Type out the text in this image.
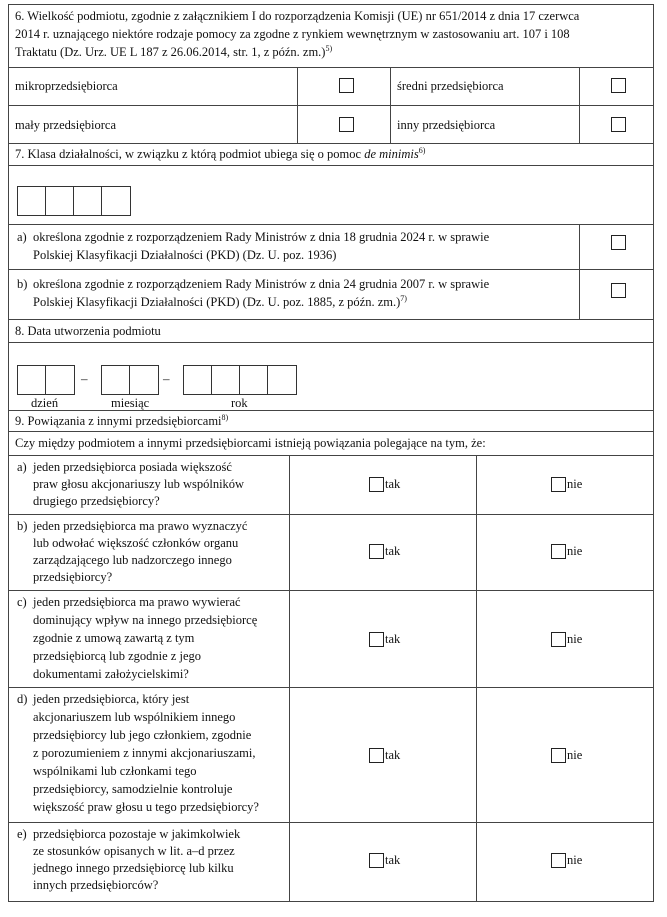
6. Wielkość podmiotu, zgodnie z załącznikiem I do rozporządzenia Komisji (UE) nr 651/2014 z dnia 17 czerwca
2014 r. uznającego niektóre rodzaje pomocy za zgodne z rynkiem wewnętrznym w zastosowaniu art. 107 i 108
Traktatu (Dz. Urz. UE L 187 z 26.06.2014, str. 1, z późn. zm.)$^{5)}$
mikroprzedsiębiorca	średni przedsiębiorca
mały przedsiębiorca	inny przedsiębiorca
7. Klasa działalności, w związku z którą podmiot ubiega się o pomoc de minimis$^{6)}$
a) określona zgodnie z rozporządzeniem Rady Ministrów z dnia 18 grudnia 2024 r. w sprawie
Polskiej Klasyfikacji Działalności (PKD) (Dz. U. poz. 1936)
b) określona zgodnie z rozporządzeniem Rady Ministrów z dnia 24 grudnia 2007 r. w sprawie
Polskiej Klasyfikacji Działalności (PKD) (Dz. U. poz. 1885, z późn. zm.)$^{7)}$
8. Data utworzenia podmiotu
–	–
dzień	miesiąc	rok
9. Powiązania z innymi przedsiębiorcami$^{8)}$
Czy między podmiotem a innymi przedsiębiorcami istnieją powiązania polegające na tym, że:
a) jeden przedsiębiorca posiada większość
praw głosu akcjonariuszy lub wspólników
drugiego przedsiębiorcy?
tak	nie
b) jeden przedsiębiorca ma prawo wyznaczyć
lub odwołać większość członków organu
zarządzającego lub nadzorczego innego
przedsiębiorcy?
tak	nie
c) jeden przedsiębiorca ma prawo wywierać
dominujący wpływ na innego przedsiębiorcę
zgodnie z umową zawartą z tym
przedsiębiorcą lub zgodnie z jego
dokumentami założycielskimi?
tak	nie
d) jeden przedsiębiorca, który jest
akcjonariuszem lub wspólnikiem innego
przedsiębiorcy lub jego członkiem, zgodnie
z porozumieniem z innymi akcjonariuszami,
wspólnikami lub członkami tego
przedsiębiorcy, samodzielnie kontroluje
większość praw głosu u tego przedsiębiorcy?
tak	nie
e) przedsiębiorca pozostaje w jakimkolwiek
ze stosunków opisanych w lit. a–d przez
jednego innego przedsiębiorcę lub kilku
innych przedsiębiorców?
tak	nie
